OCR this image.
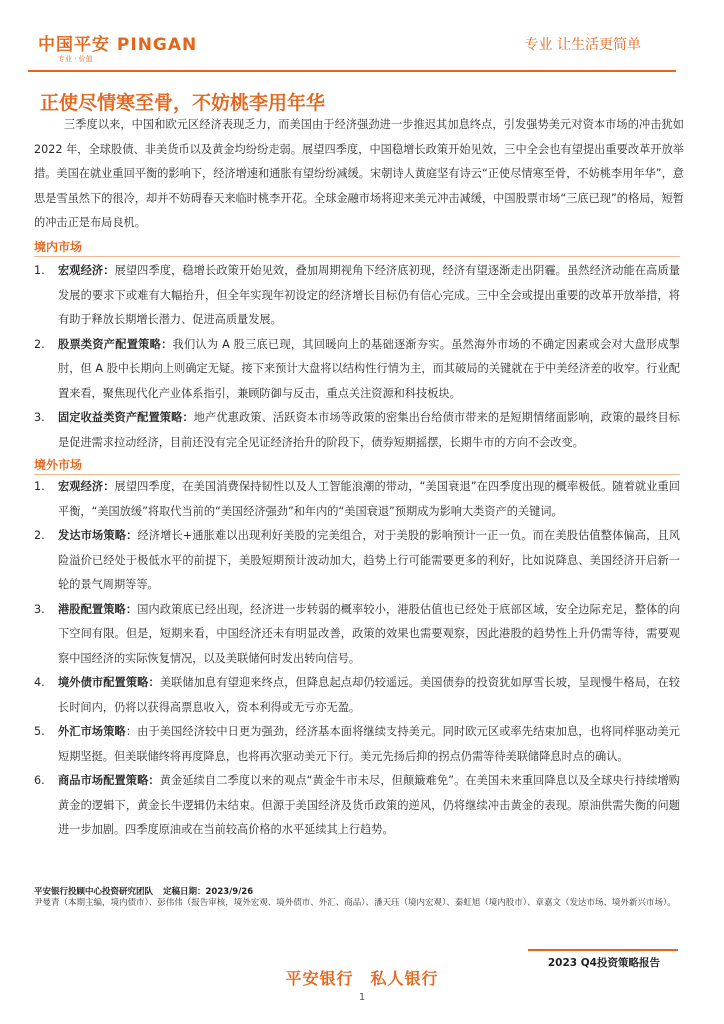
中国平安 PINGAN
专业 · 价值
专业 让生活更简单
正使尽情寒至骨，不妨桃李用年华
三季度以来，中国和欧元区经济表现乏力，而美国由于经济强劲进一步推迟其加息终点，引发强势美元对资本市场的冲击犹如 2022 年，全球股债、非美货币以及黄金均纷纷走弱。展望四季度，中国稳增长政策开始见效，三中全会也有望提出重要改革开放举措。美国在就业重回平衡的影响下，经济增速和通胀有望纷纷减缓。宋朝诗人黄庭坚有诗云“正使尽情寒至骨，不妨桃李用年华”，意思是雪虽然下的很冷，却并不妨碍春天来临时桃李开花。全球金融市场将迎来美元冲击减缓，中国股票市场“三底已现”的格局，短暂的冲击正是布局良机。
境内市场
1. 宏观经济：展望四季度，稳增长政策开始见效，叠加周期视角下经济底初现，经济有望逐渐走出阴霾。虽然经济动能在高质量发展的要求下或难有大幅抬升，但全年实现年初设定的经济增长目标仍有信心完成。三中全会或提出重要的改革开放举措，将有助于释放长期增长潜力、促进高质量发展。
2. 股票类资产配置策略：我们认为 A 股三底已现，其回暖向上的基础逐渐夯实。虽然海外市场的不确定因素或会对大盘形成掣肘，但 A 股中长期向上则确定无疑。接下来预计大盘将以结构性行情为主，而其破局的关键就在于中美经济差的收窄。行业配置来看，聚焦现代化产业体系指引，兼顾防御与反击，重点关注资源和科技板块。
3. 固定收益类资产配置策略：地产优惠政策、活跃资本市场等政策的密集出台给债市带来的是短期情绪面影响，政策的最终目标是促进需求拉动经济，目前还没有完全见证经济抬升的阶段下，债券短期摇摆，长期牛市的方向不会改变。
境外市场
1. 宏观经济：展望四季度，在美国消费保持韧性以及人工智能浪潮的带动，“美国衰退”在四季度出现的概率极低。随着就业重回平衡，“美国放缓”将取代当前的“美国经济强劲”和年内的“美国衰退”预期成为影响大类资产的关键词。
2. 发达市场策略：经济增长+通胀难以出现利好美股的完美组合，对于美股的影响预计一正一负。而在美股估值整体偏高，且风险溢价已经处于极低水平的前提下，美股短期预计波动加大，趋势上行可能需要更多的利好，比如说降息、美国经济开启新一轮的景气周期等等。
3. 港股配置策略：国内政策底已经出现，经济进一步转弱的概率较小，港股估值也已经处于底部区域，安全边际充足，整体的向下空间有限。但是，短期来看，中国经济还未有明显改善，政策的效果也需要观察，因此港股的趋势性上升仍需等待，需要观察中国经济的实际恢复情况，以及美联储何时发出转向信号。
4. 境外债市配置策略：美联储加息有望迎来终点，但降息起点却仍较遥远。美国债券的投资犹如厚雪长坡，呈现慢牛格局，在较长时间内，仍将以获得高票息收入，资本利得或无亏亦无盈。
5. 外汇市场策略：由于美国经济较中日更为强劲，经济基本面将继续支持美元。同时欧元区或率先结束加息，也将同样驱动美元短期坚挺。但美联储终将再度降息，也将再次驱动美元下行。美元先扬后抑的拐点仍需等待美联储降息时点的确认。
6. 商品市场配置策略：黄金延续自二季度以来的观点“黄金牛市未尽，但颠簸难免”。在美国未来重回降息以及全球央行持续增购黄金的逻辑下，黄金长牛逻辑仍未结束。但源于美国经济及货币政策的逆风，仍将继续冲击黄金的表现。原油供需失衡的问题进一步加剧。四季度原油或在当前较高价格的水平延续其上行趋势。
平安银行投顾中心投资研究团队 定稿日期：2023/9/26
尹曼青（本期主编，境内债市）、彭伟伟（报告审核，境外宏观、境外债市、外汇、商品）、潘天珏（境内宏观）、秦虹旭（境内股市）、章嘉文（发达市场、境外新兴市场）。
2023 Q4投资策略报告
平安银行　私人银行
1
